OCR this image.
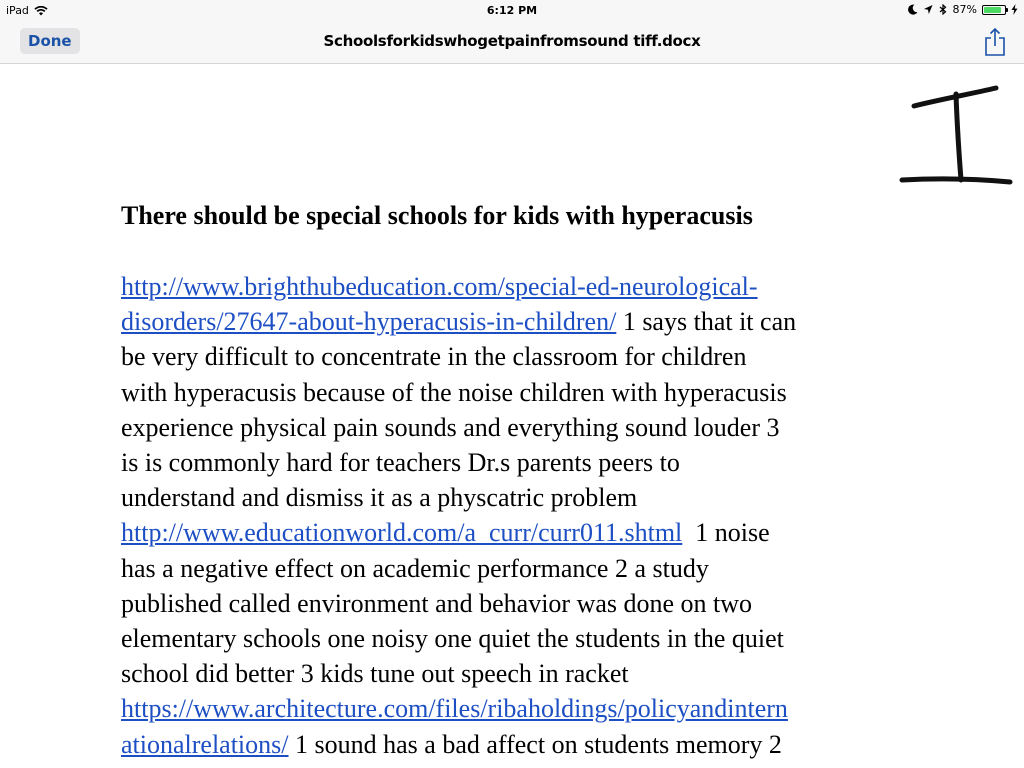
iPad	6:12 PM	87%
Done	Schoolsforkidswhogetpainfromsound tiff.docx
There should be special schools for kids with hyperacusis
http://www.brighthubeducation.com/special-ed-neurological-
disorders/27647-about-hyperacusis-in-children/ 1 says that it can
be very difficult to concentrate in the classroom for children
with hyperacusis because of the noise children with hyperacusis
experience physical pain sounds and everything sound louder 3
is is commonly hard for teachers Dr.s parents peers to
understand and dismiss it as a physcatric problem
http://www.educationworld.com/a_curr/curr011.shtml  1 noise
has a negative effect on academic performance 2 a study
published called environment and behavior was done on two
elementary schools one noisy one quiet the students in the quiet
school did better 3 kids tune out speech in racket
https://www.architecture.com/files/ribaholdings/policyandintern
ationalrelations/ 1 sound has a bad affect on students memory 2
